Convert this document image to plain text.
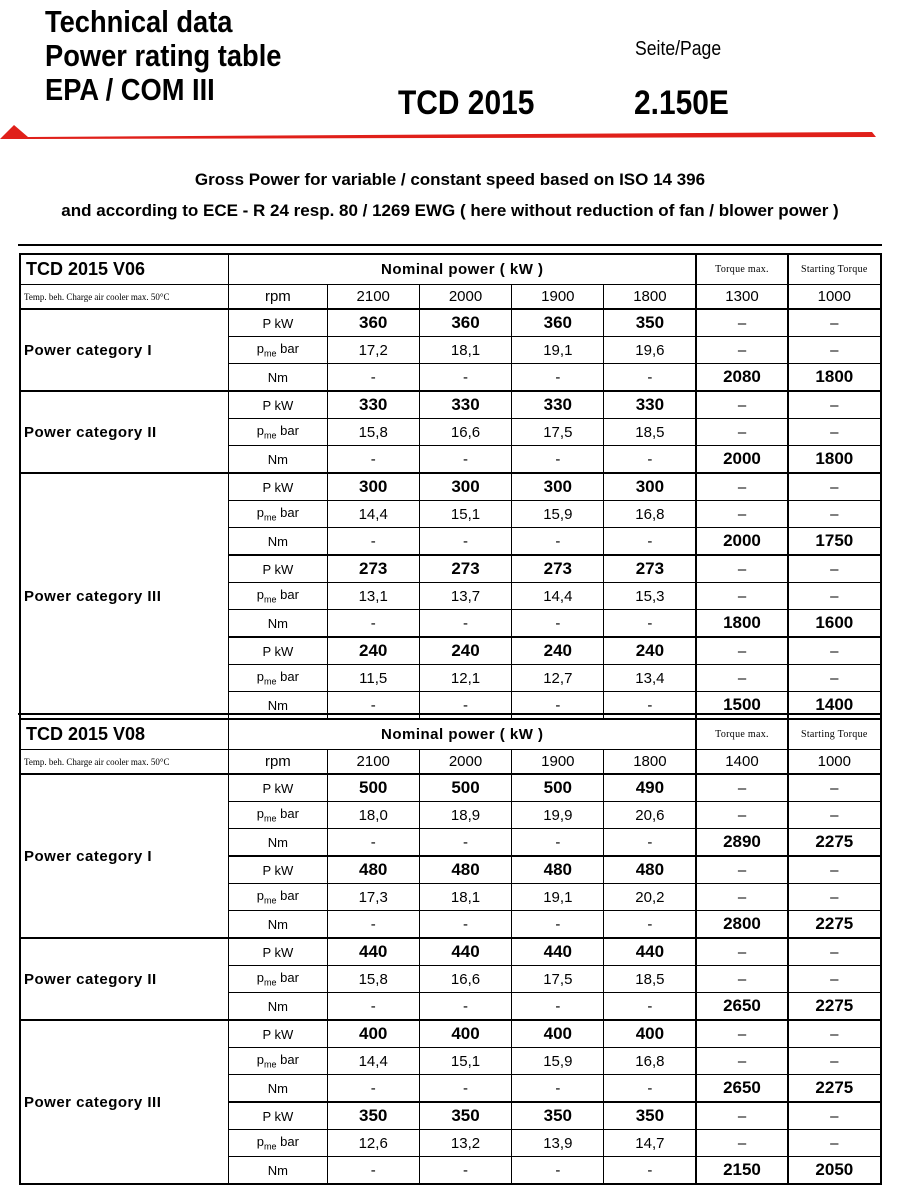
Technical data
Power rating table
EPA / COM III
Seite/Page
TCD 2015	2.150E
Gross Power for variable / constant speed based on ISO 14 396
and according to ECE - R 24 resp. 80 / 1269 EWG ( here without reduction of fan / blower power )
TCD 2015 V06	Nominal power ( kW )					Torque max.	Starting Torque
Temp. beh. Charge air cooler max. 50°C	rpm	2100	2000	1900	1800	1300	1000
Power category I	P kW	360	360	360	350	–	–
	$p_{me}$ bar	17,2	18,1	19,1	19,6	–	–
	Nm	-	-	-	-	2080	1800
Power category II	P kW	330	330	330	330	–	–
	$p_{me}$ bar	15,8	16,6	17,5	18,5	–	–
	Nm	-	-	-	-	2000	1800
Power category III	P kW	300	300	300	300	–	–
	$p_{me}$ bar	14,4	15,1	15,9	16,8	–	–
	Nm	-	-	-	-	2000	1750
	P kW	273	273	273	273	–	–
	$p_{me}$ bar	13,1	13,7	14,4	15,3	–	–
	Nm	-	-	-	-	1800	1600
	P kW	240	240	240	240	–	–
	$p_{me}$ bar	11,5	12,1	12,7	13,4	–	–
	Nm	-	-	-	-	1500	1400
TCD 2015 V08	Nominal power ( kW )					Torque max.	Starting Torque
Temp. beh. Charge air cooler max. 50°C	rpm	2100	2000	1900	1800	1400	1000
Power category I	P kW	500	500	500	490	–	–
	$p_{me}$ bar	18,0	18,9	19,9	20,6	–	–
	Nm	-	-	-	-	2890	2275
	P kW	480	480	480	480	–	–
	$p_{me}$ bar	17,3	18,1	19,1	20,2	–	–
	Nm	-	-	-	-	2800	2275
Power category II	P kW	440	440	440	440	–	–
	$p_{me}$ bar	15,8	16,6	17,5	18,5	–	–
	Nm	-	-	-	-	2650	2275
Power category III	P kW	400	400	400	400	–	–
	$p_{me}$ bar	14,4	15,1	15,9	16,8	–	–
	Nm	-	-	-	-	2650	2275
	P kW	350	350	350	350	–	–
	$p_{me}$ bar	12,6	13,2	13,9	14,7	–	–
	Nm	-	-	-	-	2150	2050
